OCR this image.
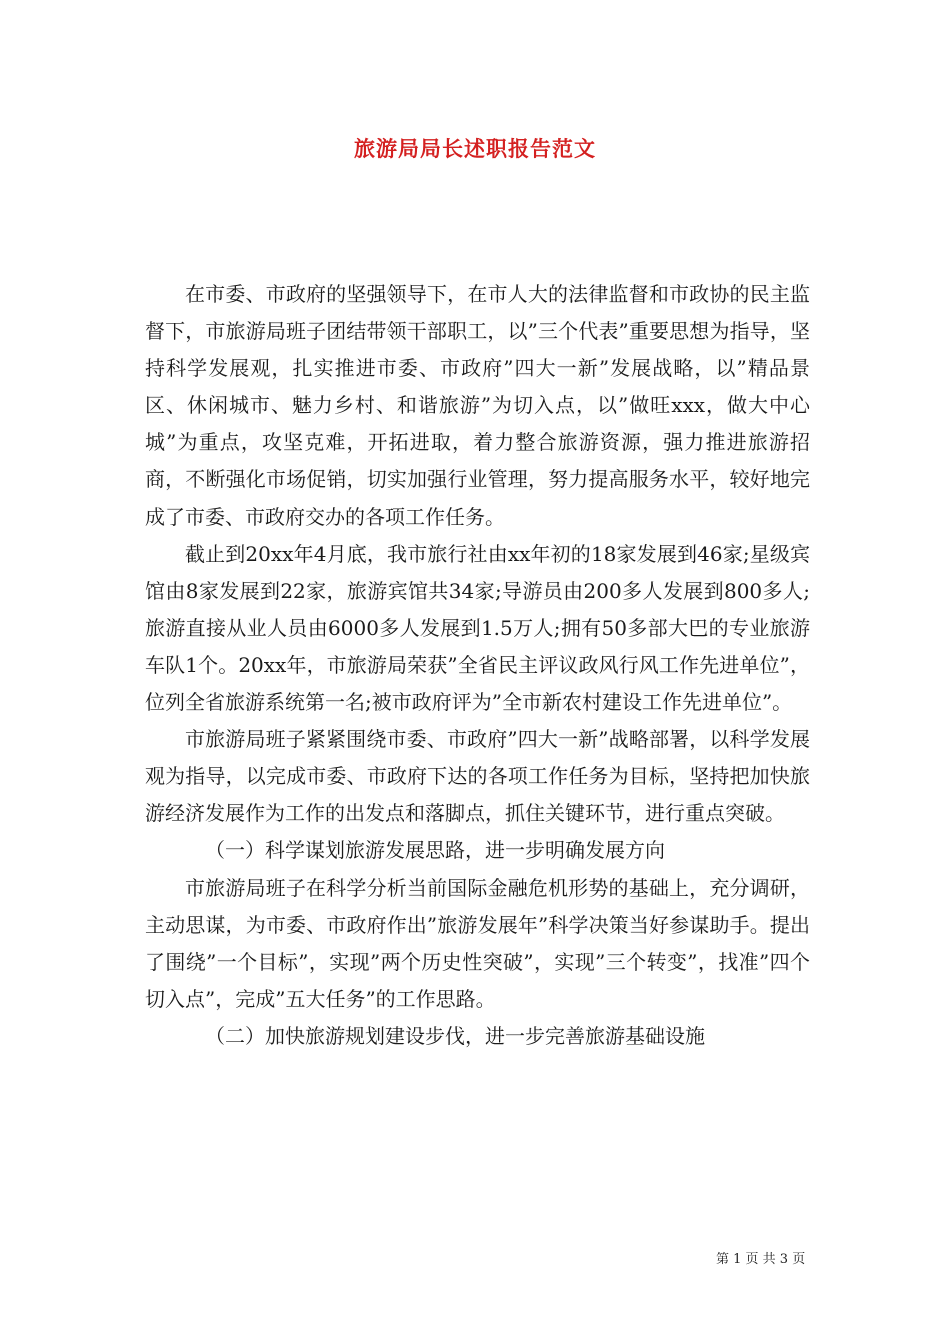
旅游局局长述职报告范文

在市委、市政府的坚强领导下，在市人大的法律监督和市政协的民主监督下，市旅游局班子团结带领干部职工，以”三个代表”重要思想为指导，坚持科学发展观，扎实推进市委、市政府”四大一新”发展战略，以”精品景区、休闲城市、魅力乡村、和谐旅游”为切入点，以”做旺xxx，做大中心城”为重点，攻坚克难，开拓进取，着力整合旅游资源，强力推进旅游招商，不断强化市场促销，切实加强行业管理，努力提高服务水平，较好地完成了市委、市政府交办的各项工作任务。

截止到20xx年4月底，我市旅行社由xx年初的18家发展到46家;星级宾馆由8家发展到22家，旅游宾馆共34家;导游员由200多人发展到800多人;旅游直接从业人员由6000多人发展到1.5万人;拥有50多部大巴的专业旅游车队1个。20xx年，市旅游局荣获”全省民主评议政风行风工作先进单位”，位列全省旅游系统第一名;被市政府评为”全市新农村建设工作先进单位”。

市旅游局班子紧紧围绕市委、市政府”四大一新”战略部署，以科学发展观为指导，以完成市委、市政府下达的各项工作任务为目标，坚持把加快旅游经济发展作为工作的出发点和落脚点，抓住关键环节，进行重点突破。

（一）科学谋划旅游发展思路，进一步明确发展方向

市旅游局班子在科学分析当前国际金融危机形势的基础上，充分调研，主动思谋，为市委、市政府作出”旅游发展年”科学决策当好参谋助手。提出了围绕”一个目标”，实现”两个历史性突破”，实现”三个转变”，找准”四个切入点”，完成”五大任务”的工作思路。

（二）加快旅游规划建设步伐，进一步完善旅游基础设施

第 1 页 共 3 页
